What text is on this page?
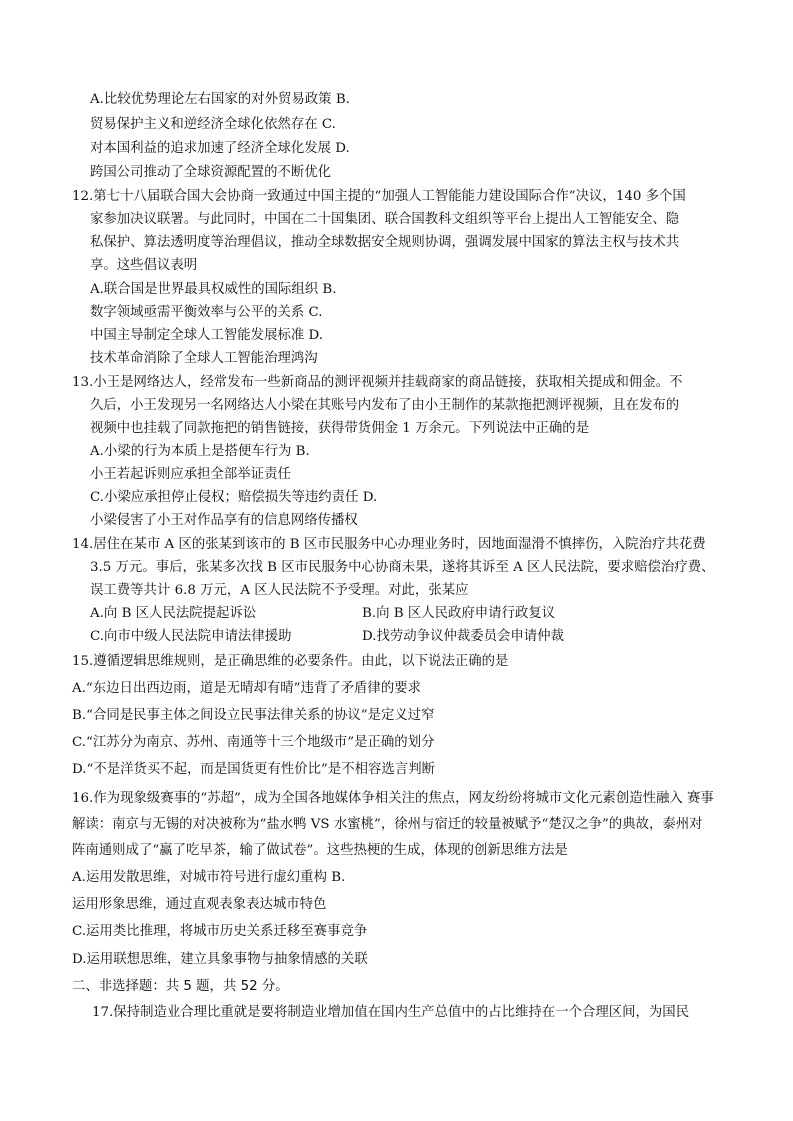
A.比较优势理论左右国家的对外贸易政策 B.
贸易保护主义和逆经济全球化依然存在 C.
对本国利益的追求加速了经济全球化发展 D.
跨国公司推动了全球资源配置的不断优化
12.第七十八届联合国大会协商一致通过中国主提的“加强人工智能能力建设国际合作”决议，140 多个国
家参加决议联署。与此同时，中国在二十国集团、联合国教科文组织等平台上提出人工智能安全、隐
私保护、算法透明度等治理倡议，推动全球数据安全规则协调，强调发展中国家的算法主权与技术共
享。这些倡议表明
A.联合国是世界最具权威性的国际组织 B.
数字领域亟需平衡效率与公平的关系 C.
中国主导制定全球人工智能发展标准 D.
技术革命消除了全球人工智能治理鸿沟
13.小王是网络达人，经常发布一些新商品的测评视频并挂载商家的商品链接，获取相关提成和佣金。不
久后，小王发现另一名网络达人小梁在其账号内发布了由小王制作的某款拖把测评视频，且在发布的
视频中也挂载了同款拖把的销售链接，获得带货佣金 1 万余元。下列说法中正确的是
A.小梁的行为本质上是搭便车行为 B.
小王若起诉则应承担全部举证责任
C.小梁应承担停止侵权；赔偿损失等违约责任 D.
小梁侵害了小王对作品享有的信息网络传播权
14.居住在某市 A 区的张某到该市的 B 区市民服务中心办理业务时，因地面湿滑不慎摔伤，入院治疗共花费
3.5 万元。事后，张某多次找 B 区市民服务中心协商未果，遂将其诉至 A 区人民法院，要求赔偿治疗费、
误工费等共计 6.8 万元，A 区人民法院不予受理。对此，张某应
A.向 B 区人民法院提起诉讼	B.向 B 区人民政府申请行政复议
C.向市中级人民法院申请法律援助	D.找劳动争议仲裁委员会申请仲裁
15.遵循逻辑思维规则，是正确思维的必要条件。由此，以下说法正确的是
A.“东边日出西边雨，道是无晴却有晴”违背了矛盾律的要求
B.“合同是民事主体之间设立民事法律关系的协议”是定义过窄
C.“江苏分为南京、苏州、南通等十三个地级市”是正确的划分
D.“不是洋货买不起，而是国货更有性价比”是不相容选言判断
16.作为现象级赛事的“苏超”，成为全国各地媒体争相关注的焦点，网友纷纷将城市文化元素创造性融入 赛事
解读：南京与无锡的对决被称为“盐水鸭 VS 水蜜桃”，徐州与宿迁的较量被赋予“楚汉之争”的典故，泰州对
阵南通则成了“赢了吃早茶，输了做试卷”。这些热梗的生成，体现的创新思维方法是
A.运用发散思维，对城市符号进行虚幻重构 B.
运用形象思维，通过直观表象表达城市特色
C.运用类比推理，将城市历史关系迁移至赛事竞争
D.运用联想思维，建立具象事物与抽象情感的关联
二、非选择题：共 5 题，共 52 分。
17.保持制造业合理比重就是要将制造业增加值在国内生产总值中的占比维持在一个合理区间，为国民
